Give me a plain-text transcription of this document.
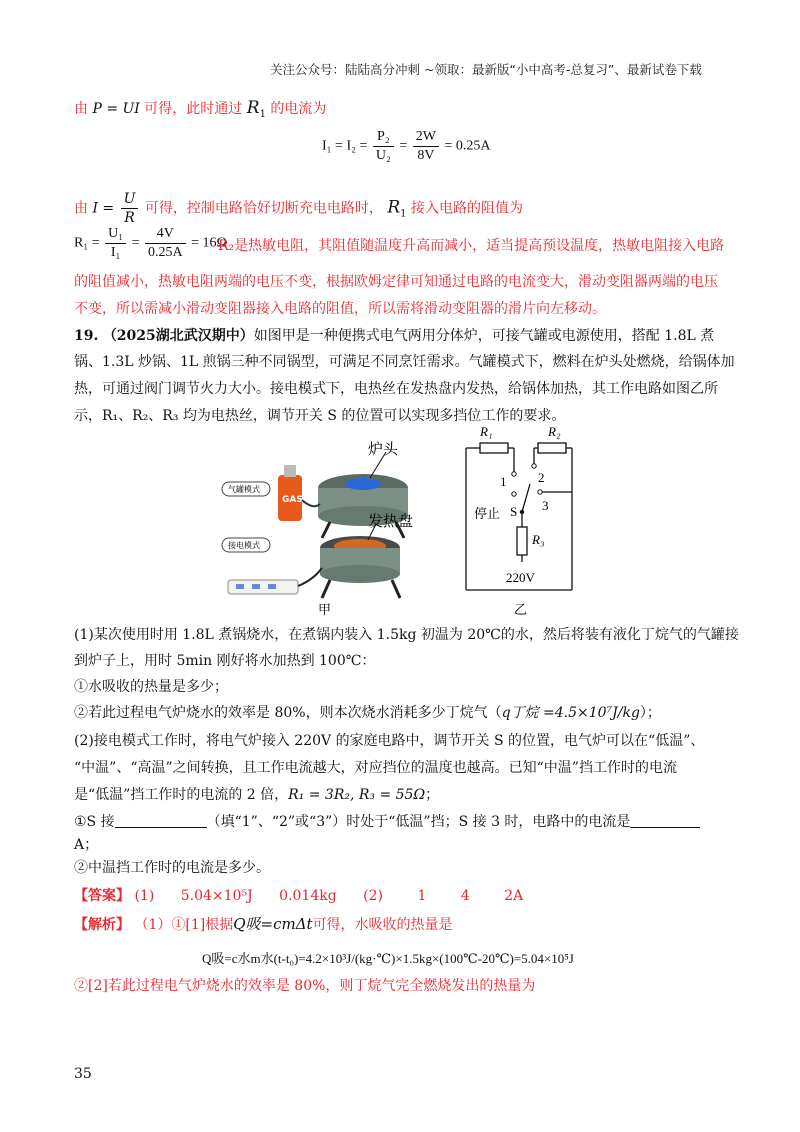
关注公众号：陆陆高分冲刺 ~领取：最新版“小中高考-总复习”、最新试卷下载
由 P = UI 可得，此时通过 $R_1$ 的电流为
$I_1 = I_2 = \frac{\text{P₂}}{\text{U₂}} = \frac{2W}{8V} = 0.25A$
由 $I = \frac{U}{R}$ 可得，控制电路恰好切断充电电路时， $R_1$ 接入电路的阻值为
$R_1 = \frac{\text{U₁}}{\text{I₁}} = \frac{4V}{0.25A} = 16\Omega$
R₂是热敏电阻，其阻值随温度升高而减小，适当提高预设温度，热敏电阻接入电路
的阻值减小，热敏电阻两端的电压不变，根据欧姆定律可知通过电路的电流变大，滑动变阻器两端的电压
不变，所以需减小滑动变阻器接入电路的阻值，所以需将滑动变阻器的滑片向左移动。
19. （2025湖北武汉期中）如图甲是一种便携式电气两用分体炉，可接气罐或电源使用，搭配 1.8L 煮
锅、1.3L 炒锅、1L 煎锅三种不同锅型，可满足不同烹饪需求。气罐模式下，燃料在炉头处燃烧，给锅体加
热，可通过阀门调节火力大小。接电模式下，电热丝在发热盘内发热，给锅体加热，其工作电路如图乙所
示，R₁、R₂、R₃ 均为电热丝，调节开关 S 的位置可以实现多挡位工作的要求。
GAS
气罐模式
炉头
发热盘
接电模式
甲
R₁	R₂
R₃
1 2
3
停止 S
220V
乙
(1)某次使用时用 1.8L 煮锅烧水，在煮锅内装入 1.5kg 初温为 20℃的水，然后将装有液化丁烷气的气罐接
到炉子上，用时 5min 刚好将水加热到 100℃：
①水吸收的热量是多少；
②若此过程电气炉烧水的效率是 80%，则本次烧水消耗多少丁烷气（q丁烷 =4.5×10⁷J/kg）；
(2)接电模式工作时，将电气炉接入 220V 的家庭电路中，调节开关 S 的位置，电气炉可以在“低温”、
“中温”、“高温”之间转换，且工作电流越大，对应挡位的温度也越高。已知“中温”挡工作时的电流
是“低温”挡工作时的电流的 2 倍，R₁ = 3R₂, R₃ = 55Ω；
①S 接	（填“1”、“2”或“3”）时处于“低温”挡；S 接 3 时，电路中的电流是
A；
②中温挡工作时的电流是多少。
【答案】 (1) 5.04×10⁵J 0.014kg (2) 1 4 2A
【解析】 （1）①[1]根据Q吸=cmΔt可得，水吸收的热量是
Q吸=c水m水(t-t₀)=4.2×10³J/(kg·℃)×1.5kg×(100℃-20℃)=5.04×10⁵J
②[2]若此过程电气炉烧水的效率是 80%，则丁烷气完全燃烧发出的热量为
35
